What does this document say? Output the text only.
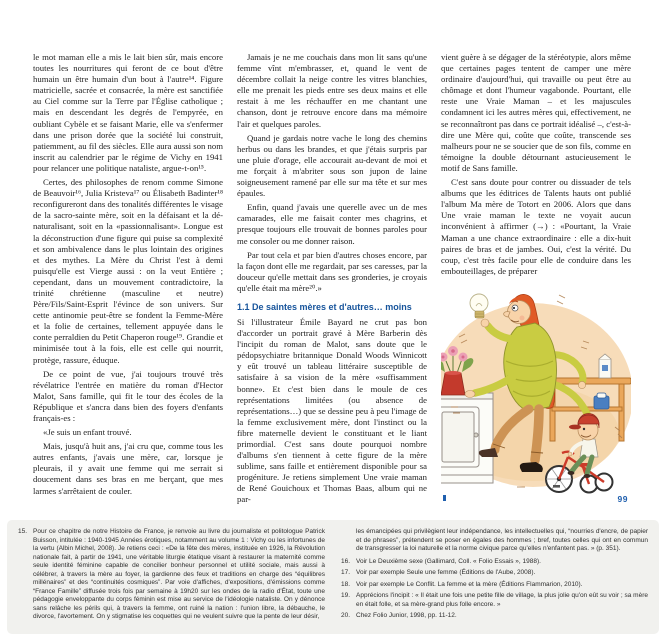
le mot maman elle a mis le lait bien sûr, mais encore toutes les nourritures qui feront de ce bout d'être humain un être humain d'un bout à l'autre¹⁴. Figure matricielle, sacrée et consacrée, la mère est sanctifiée au Ciel comme sur la Terre par l'Église catholique ; mais en descendant les degrés de l'empyrée, en oubliant Cybèle et se faisant Marie, elle va s'enfermer dans une prison dorée que la société lui construit, patiemment, au fil des siècles. Elle aura aussi son nom inscrit au calendrier par le régime de Vichy en 1941 pour relancer une politique nataliste, argue-t-on¹⁵.

Certes, des philosophes de renom comme Simone de Beauvoir¹⁶, Julia Kristeva¹⁷ ou Élisabeth Badinter¹⁸ reconfigureront dans des tonalités différentes le visage de la sacro-sainte mère, soit en la défaisant et la dé-naturalisant, soit en la «passionnalisant». Longue est la déconstruction d'une figure qui puise sa complexité et son ambivalence dans le plus lointain des origines et des mythes. La Mère du Christ l'est à demi puisqu'elle est Vierge aussi : on la veut Entière ; cependant, dans un mouvement contradictoire, la trinité chrétienne (masculine et neutre) Père/Fils/Saint-Esprit l'évince de son univers. Sur cette antinomie peut-être se fondent la Femme-Mère et la folie de certaines, tellement appuyée dans le conte perraldien du Petit Chaperon rouge¹⁹. Grandie et minimisée tout à la fois, elle est celle qui nourrit, protège, rassure, éduque.

De ce point de vue, j'ai toujours trouvé très révélatrice l'entrée en matière du roman d'Hector Malot, Sans famille, qui fit le tour des écoles de la République et s'ancra dans bien des foyers d'enfants français-es :

«Je suis un enfant trouvé.

Mais, jusqu'à huit ans, j'ai cru que, comme tous les autres enfants, j'avais une mère, car, lorsque je pleurais, il y avait une femme qui me serrait si doucement dans ses bras en me berçant, que mes larmes s'arrêtaient de couler.

Jamais je ne me couchais dans mon lit sans qu'une femme vînt m'embrasser, et, quand le vent de décembre collait la neige contre les vitres blanchies, elle me prenait les pieds entre ses deux mains et elle restait à me les réchauffer en me chantant une chanson, dont je retrouve encore dans ma mémoire l'air et quelques paroles.

Quand je gardais notre vache le long des chemins herbus ou dans les brandes, et que j'étais surpris par une pluie d'orage, elle accourait au-devant de moi et me forçait à m'abriter sous son jupon de laine soigneusement ramené par elle sur ma tête et sur mes épaules.

Enfin, quand j'avais une querelle avec un de mes camarades, elle me faisait conter mes chagrins, et presque toujours elle trouvait de bonnes paroles pour me consoler ou me donner raison.

Par tout cela et par bien d'autres choses encore, par la façon dont elle me regardait, par ses caresses, par la douceur qu'elle mettait dans ses gronderies, je croyais qu'elle était ma mère²⁰.»

1.1 De saintes mères et d'autres… moins

Si l'illustrateur Émile Bayard ne crut pas bon d'accorder un portrait gravé à Mère Barberin dès l'incipit du roman de Malot, sans doute que le pédopsychiatre britannique Donald Woods Winnicott y eût trouvé un tableau littéraire susceptible de satisfaire à sa vision de la mère «suffisamment bonne». Et c'est bien dans le moule de ces représentations limitées (ou absence de représentations…) que se dessine peu à peu l'image de la femme exclusivement mère, dont l'instinct ou la fibre maternelle devient le constituant et le liant primordial. C'est sans doute pourquoi nombre d'albums s'en tiennent à cette figure de la mère sublime, sans faille et entièrement disponible pour sa progéniture. Je retiens simplement Une vraie maman de René Gouichoux et Thomas Baas, album qui ne par-

vient guère à se dégager de la stéréotypie, alors même que certaines pages tentent de camper une mère ordinaire d'aujourd'hui, qui travaille ou peut être au chômage et dont l'humeur vagabonde. Pourtant, elle reste une Vraie Maman – et les majuscules condamnent ici les autres mères qui, effectivement, ne se reconnaîtront pas dans ce portrait idéalisé –, c'est-à-dire une Mère qui, coûte que coûte, transcende ses malheurs pour ne se soucier que de son fils, comme en témoigne la double détournant astucieusement le motif de Sans famille.

C'est sans doute pour contrer ou dissuader de tels albums que les éditrices de Talents hauts ont publié l'album Ma mère de Totort en 2006. Alors que dans Une vraie maman le texte ne voyait aucun inconvénient à affirmer (→) : «Pourtant, la Vraie Maman a une chance extraordinaire : elle a dix-huit paires de bras et de jambes. Oui, c'est la vérité. Du coup, c'est très facile pour elle de conduire dans les embouteillages, de préparer

99
15. Pour ce chapitre de notre Histoire de France, je renvoie au livre du journaliste et politologue Patrick Buisson, intitulée : 1940-1945 Années érotiques, notamment au volume 1 : Vichy ou les infortunes de la vertu (Albin Michel, 2008). Je retiens ceci : «De la fête des mères, instituée en 1926, la Révolution nationale fait, à partir de 1941, une véritable liturgie étatique visant à restaurer la maternité comme seule identité féminine capable de concilier bonheur personnel et utilité sociale, mais aussi à célébrer, à travers la mère au foyer, la gardienne des feux et traditions en charge des “équilibres millénaires” et des “continuités cosmiques”. Par voie d'affiches, d'expositions, d'émissions comme “France Famille” diffusée trois fois par semaine à 19h20 sur les ondes de la radio d'État, toute une pédagogie enveloppante du corps féminin est mise au service de l'idéologie nataliste. On y dénonce sans relâche les périls qui, à travers la femme, ont ruiné la nation : l'union libre, la débauche, le divorce, l'avortement. On y stigmatise les coquettes qui ne veulent suivre que la pente de leur désir,

les émancipées qui privilègient leur indépendance, les intellectuelles qui, “nourries d'encre, de papier et de phrases”, prétendent se poser en égales des hommes ; bref, toutes celles qui ont en commun de transgresser la loi naturelle et la norme civique parce qu'elles n'enfantent pas. » (p. 351).

16. Voir Le Deuxième sexe (Gallimard, Coll. « Folio Essais », 1988).
17. Voir par exemple Seule une femme (Éditions de l'Aube, 2008).
18. Voir par exemple Le Conflit. La femme et la mère (Éditions Flammarion, 2010).
19. Apprécions l'incipit : « Il était une fois une petite fille de village, la plus jolie qu'on eût su voir ; sa mère en était folle, et sa mère-grand plus folle encore. »
20. Chez Folio Junior, 1998, pp. 11-12.
